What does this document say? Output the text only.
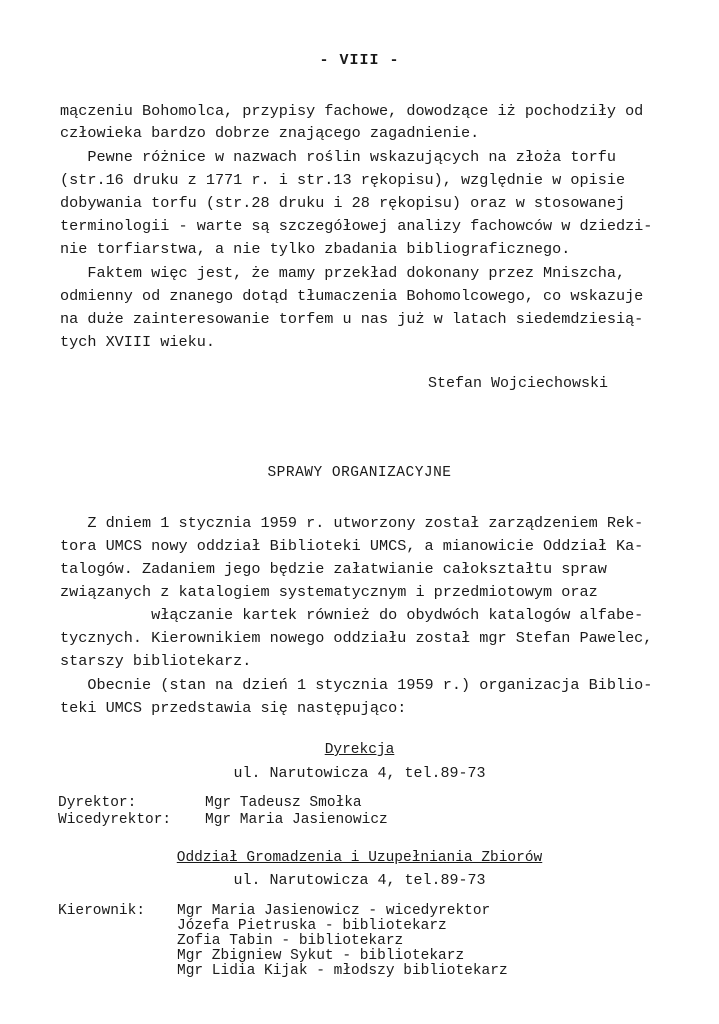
- VIII -
mączeniu Bohomolca, przypisy fachowe, dowodzące iż pochodziły od
człowieka bardzo dobrze znającego zagadnienie.
Pewne różnice w nazwach roślin wskazujących na złoża torfu
(str.16 druku z 1771 r. i str.13 rękopisu), względnie w opisie
dobywania torfu (str.28 druku i 28 rękopisu) oraz w stosowanej
terminologii - warte są szczegółowej analizy fachowców w dziedzi-
nie torfiarstwa, a nie tylko zbadania bibliograficznego.
Faktem więc jest, że mamy przekład dokonany przez Mniszcha,
odmienny od znanego dotąd tłumaczenia Bohomolcowego, co wskazuje
na duże zainteresowanie torfem u nas już w latach siedemdziesią-
tych XVIII wieku.
Stefan Wojciechowski
SPRAWY ORGANIZACYJNE
Z dniem 1 stycznia 1959 r. utworzony został zarządzeniem Rek-
tora UMCS nowy oddział Biblioteki UMCS, a mianowicie Oddział Ka-
talogów. Zadaniem jego będzie załatwianie całokształtu spraw
związanych z katalogiem systematycznym i przedmiotowym oraz
włączanie kartek również do obydwóch katalogów alfabe-
tycznych. Kierownikiem nowego oddziału został mgr Stefan Pawelec,
starszy bibliotekarz.
Obecnie (stan na dzień 1 stycznia 1959 r.) organizacja Biblio-
teki UMCS przedstawia się następująco:
Dyrekcja
ul. Narutowicza 4, tel.89-73
Dyrektor:	Mgr Tadeusz Smołka
Wicedyrektor: Mgr Maria Jasienowicz
Oddział Gromadzenia i Uzupełniania Zbiorów
ul. Narutowicza 4, tel.89-73
Kierownik: Mgr Maria Jasienowicz - wicedyrektor
Józefa Pietruska - bibliotekarz
Zofia Tabin - bibliotekarz
Mgr Zbigniew Sykut - bibliotekarz
Mgr Lidia Kijak - młodszy bibliotekarz
